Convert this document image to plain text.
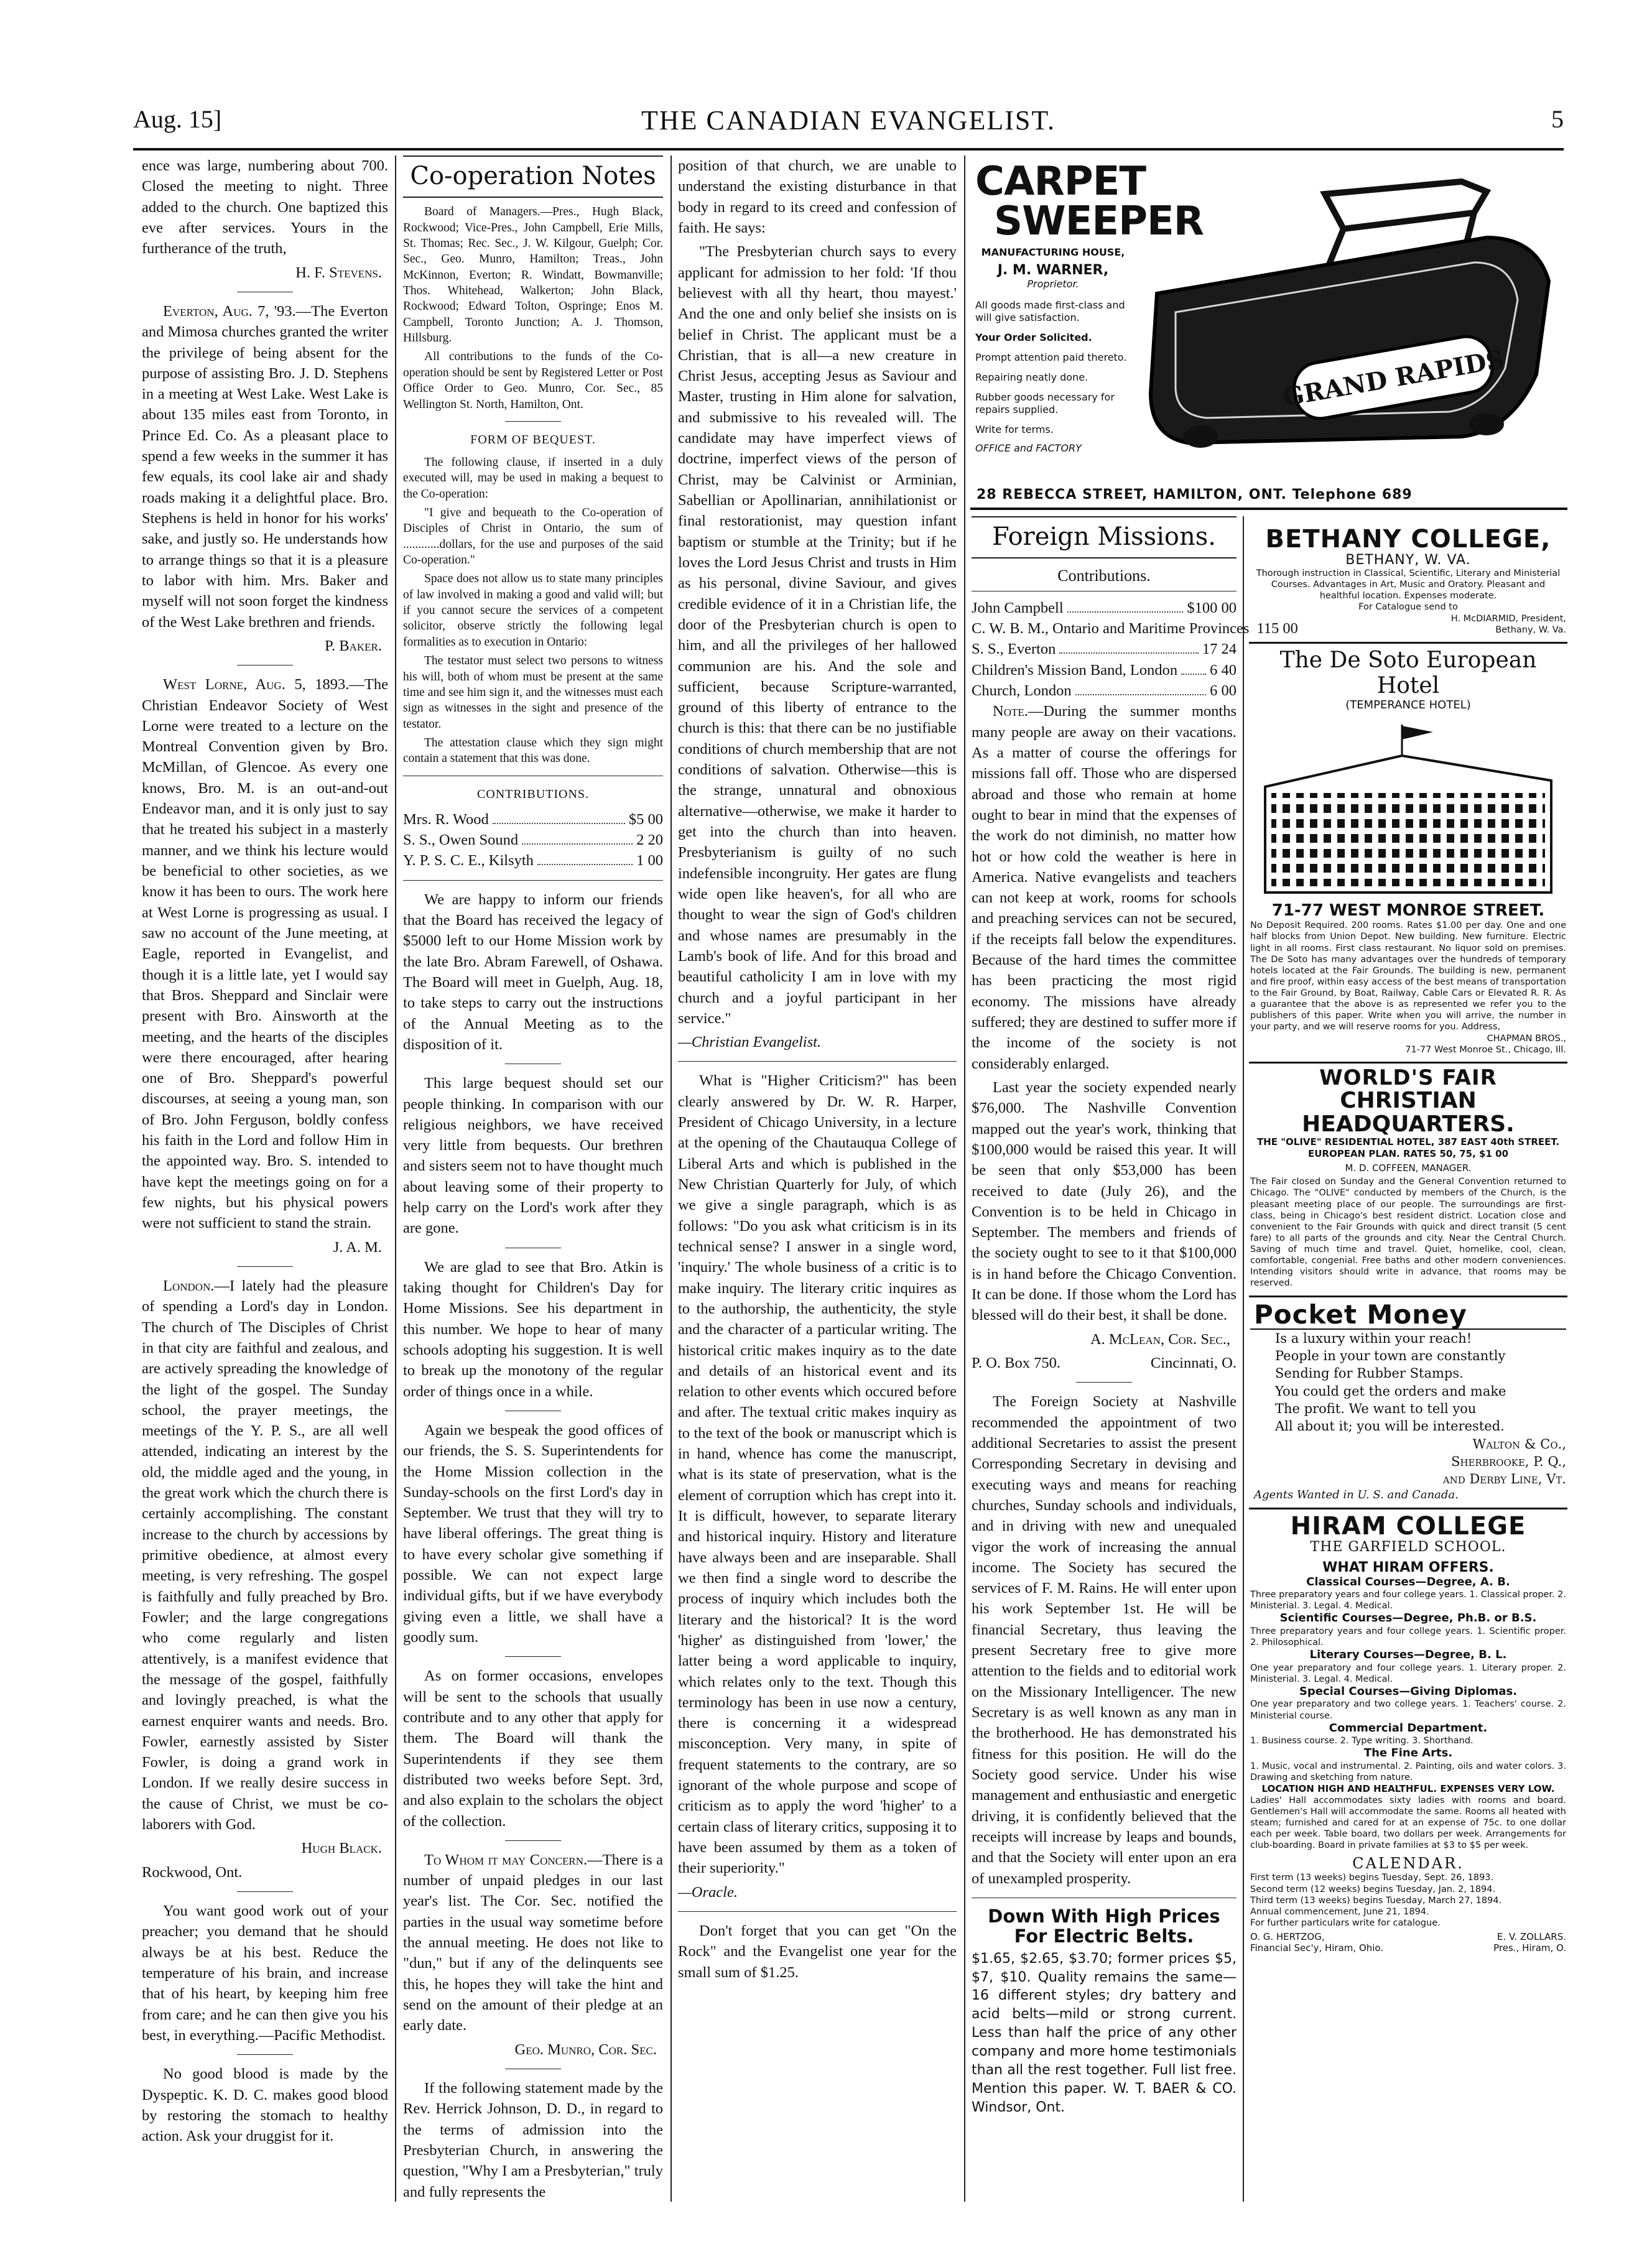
Aug. 15]	THE CANADIAN EVANGELIST.	5

ence was large, numbering about 700. Closed the meeting to night. Three added to the church. One baptized this eve after services. Yours in the furtherance of the truth,

H. F. Stevens.

Everton, Aug. 7, '93.—The Everton and Mimosa churches granted the writer the privilege of being absent for the purpose of assisting Bro. J. D. Stephens in a meeting at West Lake. West Lake is about 135 miles east from Toronto, in Prince Ed. Co. As a pleasant place to spend a few weeks in the summer it has few equals, its cool lake air and shady roads making it a delightful place. Bro. Stephens is held in honor for his works' sake, and justly so. He understands how to arrange things so that it is a pleasure to labor with him. Mrs. Baker and myself will not soon forget the kindness of the West Lake brethren and friends.

P. Baker.

West Lorne, Aug. 5, 1893.—The Christian Endeavor Society of West Lorne were treated to a lecture on the Montreal Convention given by Bro. McMillan, of Glencoe. As every one knows, Bro. M. is an out-and-out Endeavor man, and it is only just to say that he treated his subject in a masterly manner, and we think his lecture would be beneficial to other societies, as we know it has been to ours. The work here at West Lorne is progressing as usual. I saw no account of the June meeting, at Eagle, reported in Evangelist, and though it is a little late, yet I would say that Bros. Sheppard and Sinclair were present with Bro. Ainsworth at the meeting, and the hearts of the disciples were there encouraged, after hearing one of Bro. Sheppard's powerful discourses, at seeing a young man, son of Bro. John Ferguson, boldly confess his faith in the Lord and follow Him in the appointed way. Bro. S. intended to have kept the meetings going on for a few nights, but his physical powers were not sufficient to stand the strain.

J. A. M.

London.—I lately had the pleasure of spending a Lord's day in London. The church of The Disciples of Christ in that city are faithful and zealous, and are actively spreading the knowledge of the light of the gospel. The Sunday school, the prayer meetings, the meetings of the Y. P. S., are all well attended, indicating an interest by the old, the middle aged and the young, in the great work which the church there is certainly accomplishing. The constant increase to the church by accessions by primitive obedience, at almost every meeting, is very refreshing. The gospel is faithfully and fully preached by Bro. Fowler; and the large congregations who come regularly and listen attentively, is a manifest evidence that the message of the gospel, faithfully and lovingly preached, is what the earnest enquirer wants and needs. Bro. Fowler, earnestly assisted by Sister Fowler, is doing a grand work in London. If we really desire success in the cause of Christ, we must be co-laborers with God.

Hugh Black.

Rockwood, Ont.

You want good work out of your preacher; you demand that he should always be at his best. Reduce the temperature of his brain, and increase that of his heart, by keeping him free from care; and he can then give you his best, in everything.—Pacific Methodist.

No good blood is made by the Dyspeptic. K. D. C. makes good blood by restoring the stomach to healthy action. Ask your druggist for it.

Co-operation Notes

Board of Managers.—Pres., Hugh Black, Rockwood; Vice-Pres., John Campbell, Erie Mills, St. Thomas; Rec. Sec., J. W. Kilgour, Guelph; Cor. Sec., Geo. Munro, Hamilton; Treas., John McKinnon, Everton; R. Windatt, Bowmanville; Thos. Whitehead, Walkerton; John Black, Rockwood; Edward Tolton, Ospringe; Enos M. Campbell, Toronto Junction; A. J. Thomson, Hillsburg.

All contributions to the funds of the Co-operation should be sent by Registered Letter or Post Office Order to Geo. Munro, Cor. Sec., 85 Wellington St. North, Hamilton, Ont.

FORM OF BEQUEST.

The following clause, if inserted in a duly executed will, may be used in making a bequest to the Co-operation:

"I give and bequeath to the Co-operation of Disciples of Christ in Ontario, the sum of ............dollars, for the use and purposes of the said Co-operation."

Space does not allow us to state many principles of law involved in making a good and valid will; but if you cannot secure the services of a competent solicitor, observe strictly the following legal formalities as to execution in Ontario:

The testator must select two persons to witness his will, both of whom must be present at the same time and see him sign it, and the witnesses must each sign as witnesses in the sight and presence of the testator.

The attestation clause which they sign might contain a statement that this was done.

CONTRIBUTIONS.

Mrs. R. Wood	$5 00
S. S., Owen Sound	2 20
Y. P. S. C. E., Kilsyth	1 00

We are happy to inform our friends that the Board has received the legacy of $5000 left to our Home Mission work by the late Bro. Abram Farewell, of Oshawa. The Board will meet in Guelph, Aug. 18, to take steps to carry out the instructions of the Annual Meeting as to the disposition of it.

This large bequest should set our people thinking. In comparison with our religious neighbors, we have received very little from bequests. Our brethren and sisters seem not to have thought much about leaving some of their property to help carry on the Lord's work after they are gone.

We are glad to see that Bro. Atkin is taking thought for Children's Day for Home Missions. See his department in this number. We hope to hear of many schools adopting his suggestion. It is well to break up the monotony of the regular order of things once in a while.

Again we bespeak the good offices of our friends, the S. S. Superintendents for the Home Mission collection in the Sunday-schools on the first Lord's day in September. We trust that they will try to have liberal offerings. The great thing is to have every scholar give something if possible. We can not expect large individual gifts, but if we have everybody giving even a little, we shall have a goodly sum.

As on former occasions, envelopes will be sent to the schools that usually contribute and to any other that apply for them. The Board will thank the Superintendents if they see them distributed two weeks before Sept. 3rd, and also explain to the scholars the object of the collection.

To Whom it may Concern.—There is a number of unpaid pledges in our last year's list. The Cor. Sec. notified the parties in the usual way sometime before the annual meeting. He does not like to "dun," but if any of the delinquents see this, he hopes they will take the hint and send on the amount of their pledge at an early date.

Geo. Munro, Cor. Sec.

If the following statement made by the Rev. Herrick Johnson, D. D., in regard to the terms of admission into the Presbyterian Church, in answering the question, "Why I am a Presbyterian," truly and fully represents the

position of that church, we are unable to understand the existing disturbance in that body in regard to its creed and confession of faith. He says:

"The Presbyterian church says to every applicant for admission to her fold: 'If thou believest with all thy heart, thou mayest.' And the one and only belief she insists on is belief in Christ. The applicant must be a Christian, that is all—a new creature in Christ Jesus, accepting Jesus as Saviour and Master, trusting in Him alone for salvation, and submissive to his revealed will. The candidate may have imperfect views of doctrine, imperfect views of the person of Christ, may be Calvinist or Arminian, Sabellian or Apollinarian, annihilationist or final restorationist, may question infant baptism or stumble at the Trinity; but if he loves the Lord Jesus Christ and trusts in Him as his personal, divine Saviour, and gives credible evidence of it in a Christian life, the door of the Presbyterian church is open to him, and all the privileges of her hallowed communion are his. And the sole and sufficient, because Scripture-warranted, ground of this liberty of entrance to the church is this: that there can be no justifiable conditions of church membership that are not conditions of salvation. Otherwise—this is the strange, unnatural and obnoxious alternative—otherwise, we make it harder to get into the church than into heaven. Presbyterianism is guilty of no such indefensible incongruity. Her gates are flung wide open like heaven's, for all who are thought to wear the sign of God's children and whose names are presumably in the Lamb's book of life. And for this broad and beautiful catholicity I am in love with my church and a joyful participant in her service."

—Christian Evangelist.

What is "Higher Criticism?" has been clearly answered by Dr. W. R. Harper, President of Chicago University, in a lecture at the opening of the Chautauqua College of Liberal Arts and which is published in the New Christian Quarterly for July, of which we give a single paragraph, which is as follows: "Do you ask what criticism is in its technical sense? I answer in a single word, 'inquiry.' The whole business of a critic is to make inquiry. The literary critic inquires as to the authorship, the authenticity, the style and the character of a particular writing. The historical critic makes inquiry as to the date and details of an historical event and its relation to other events which occured before and after. The textual critic makes inquiry as to the text of the book or manuscript which is in hand, whence has come the manuscript, what is its state of preservation, what is the element of corruption which has crept into it. It is difficult, however, to separate literary and historical inquiry. History and literature have always been and are inseparable. Shall we then find a single word to describe the process of inquiry which includes both the literary and the historical? It is the word 'higher' as distinguished from 'lower,' the latter being a word applicable to inquiry, which relates only to the text. Though this terminology has been in use now a century, there is concerning it a widespread misconception. Very many, in spite of frequent statements to the contrary, are so ignorant of the whole purpose and scope of criticism as to apply the word 'higher' to a certain class of literary critics, supposing it to have been assumed by them as a token of their superiority."

—Oracle.

Don't forget that you can get "On the Rock" and the Evangelist one year for the small sum of $1.25.

CARPET
SWEEPER
MANUFACTURING HOUSE,
J. M. WARNER,
Proprietor.
All goods made first-class and will give satisfaction.
Your Order Solicited.
Prompt attention paid thereto.
Repairing neatly done.
Rubber goods necessary for repairs supplied.
Write for terms.
OFFICE and FACTORY
GRAND RAPIDS
28 REBECCA STREET, HAMILTON, ONT. Telephone 689
Foreign Missions.

Contributions.

John Campbell	$100 00
C. W. B. M., Ontario and Maritime Provinces 115 00
S. S., Everton	17 24
Children's Mission Band, London 6 40
Church, London	6 00

Note.—During the summer months many people are away on their vacations. As a matter of course the offerings for missions fall off. Those who are dispersed abroad and those who remain at home ought to bear in mind that the expenses of the work do not diminish, no matter how hot or how cold the weather is here in America. Native evangelists and teachers can not keep at work, rooms for schools and preaching services can not be secured, if the receipts fall below the expenditures. Because of the hard times the committee has been practicing the most rigid economy. The missions have already suffered; they are destined to suffer more if the income of the society is not considerably enlarged.

Last year the society expended nearly $76,000. The Nashville Convention mapped out the year's work, thinking that $100,000 would be raised this year. It will be seen that only $53,000 has been received to date (July 26), and the Convention is to be held in Chicago in September. The members and friends of the society ought to see to it that $100,000 is in hand before the Chicago Convention. It can be done. If those whom the Lord has blessed will do their best, it shall be done.

A. McLean, Cor. Sec.,

P. O. Box 750.	Cincinnati, O.

The Foreign Society at Nashville recommended the appointment of two additional Secretaries to assist the present Corresponding Secretary in devising and executing ways and means for reaching churches, Sunday schools and individuals, and in driving with new and unequaled vigor the work of increasing the annual income. The Society has secured the services of F. M. Rains. He will enter upon his work September 1st. He will be financial Secretary, thus leaving the present Secretary free to give more attention to the fields and to editorial work on the Missionary Intelligencer. The new Secretary is as well known as any man in the brotherhood. He has demonstrated his fitness for this position. He will do the Society good service. Under his wise management and enthusiastic and energetic driving, it is confidently believed that the receipts will increase by leaps and bounds, and that the Society will enter upon an era of unexampled prosperity.

Down With High Prices For Electric Belts.

$1.65, $2.65, $3.70; former prices $5, $7, $10. Quality remains the same—16 different styles; dry battery and acid belts—mild or strong current. Less than half the price of any other company and more home testimonials than all the rest together. Full list free. Mention this paper. W. T. BAER & CO. Windsor, Ont.

BETHANY COLLEGE,
BETHANY, W. VA.
Thorough instruction in Classical, Scientific, Literary and Ministerial Courses. Advantages in Art, Music and Oratory. Pleasant and healthful location. Expenses moderate.
For Catalogue send to
H. McDIARMID, President,
Bethany, W. Va.
The De Soto European Hotel
(TEMPERANCE HOTEL)
71-77 WEST MONROE STREET.
No Deposit Required. 200 rooms. Rates $1.00 per day. One and one half blocks from Union Depot. New building. New furniture. Electric light in all rooms. First class restaurant. No liquor sold on premises. The De Soto has many advantages over the hundreds of temporary hotels located at the Fair Grounds. The building is new, permanent and fire proof, within easy access of the best means of transportation to the Fair Ground, by Boat, Railway, Cable Cars or Elevated R. R. As a guarantee that the above is as represented we refer you to the publishers of this paper. Write when you will arrive, the number in your party, and we will reserve rooms for you. Address,
CHAPMAN BROS.,
71-77 West Monroe St., Chicago, Ill.
WORLD'S FAIR
CHRISTIAN HEADQUARTERS.
THE "OLIVE" RESIDENTIAL HOTEL, 387 EAST 40th STREET. EUROPEAN PLAN. RATES 50, 75, $1 00
M. D. COFFEEN, MANAGER.
The Fair closed on Sunday and the General Convention returned to Chicago. The "OLIVE" conducted by members of the Church, is the pleasant meeting place of our people. The surroundings are first-class, being in Chicago's best resident district. Location close and convenient to the Fair Grounds with quick and direct transit (5 cent fare) to all parts of the grounds and city. Near the Central Church. Saving of much time and travel. Quiet, homelike, cool, clean, comfortable, congenial. Free baths and other modern conveniences. Intending visitors should write in advance, that rooms may be reserved.
Pocket Money
Is a luxury within your reach!
People in your town are constantly
Sending for Rubber Stamps.
You could get the orders and make
The profit. We want to tell you
All about it; you will be interested.
Walton & Co.,
Sherbrooke, P. Q.,
and Derby Line, Vt.
Agents Wanted in U. S. and Canada.
HIRAM COLLEGE
THE GARFIELD SCHOOL.
WHAT HIRAM OFFERS.
Classical Courses—Degree, A. B.
Three preparatory years and four college years. 1. Classical proper. 2. Ministerial. 3. Legal. 4. Medical.
Scientific Courses—Degree, Ph.B. or B.S.
Three preparatory years and four college years. 1. Scientific proper. 2. Philosophical.
Literary Courses—Degree, B. L.
One year preparatory and four college years. 1. Literary proper. 2. Ministerial. 3. Legal. 4. Medical.
Special Courses—Giving Diplomas.
One year preparatory and two college years. 1. Teachers' course. 2. Ministerial course.
Commercial Department.
1. Business course. 2. Type writing. 3. Shorthand.
The Fine Arts.
1. Music, vocal and instrumental. 2. Painting, oils and water colors. 3. Drawing and sketching from nature.
LOCATION HIGH AND HEALTHFUL. EXPENSES VERY LOW.
Ladies' Hall accommodates sixty ladies with rooms and board. Gentlemen's Hall will accommodate the same. Rooms all heated with steam; furnished and cared for at an expense of 75c. to one dollar each per week. Table board, two dollars per week. Arrangements for club-boarding. Board in private families at $3 to $5 per week.
CALENDAR.
First term (13 weeks) begins Tuesday, Sept. 26, 1893.
Second term (12 weeks) begins Tuesday, Jan. 2, 1894.
Third term (13 weeks) begins Tuesday, March 27, 1894.
Annual commencement, June 21, 1894.
For further particulars write for catalogue.
O. G. HERTZOG,
Financial Sec'y, Hiram, Ohio.
E. V. ZOLLARS.
Pres., Hiram, O.
